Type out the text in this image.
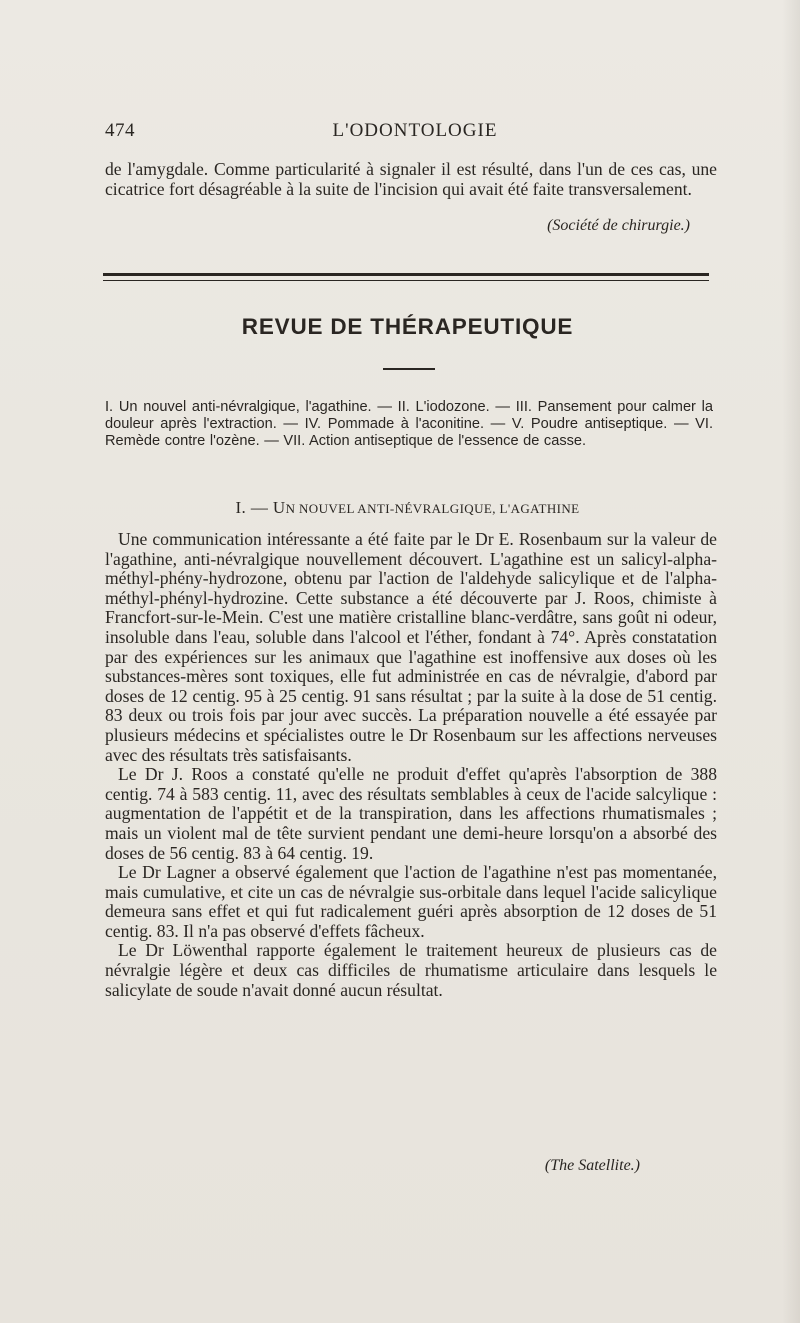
474	L'ODONTOLOGIE
de l'amygdale. Comme particularité à signaler il est résulté, dans l'un de ces cas, une cicatrice fort désagréable à la suite de l'incision qui avait été faite transversalement.
(Société de chirurgie.)
REVUE DE THÉRAPEUTIQUE
I. Un nouvel anti-névralgique, l'agathine. — II. L'iodozone. — III. Pansement pour calmer la douleur après l'extraction. — IV. Pommade à l'aconitine. — V. Poudre antiseptique. — VI. Remède contre l'ozène. — VII. Action antiseptique de l'essence de casse.
I. — UN NOUVEL ANTI-NÉVRALGIQUE, L'AGATHINE

Une communication intéressante a été faite par le Dr E. Rosenbaum sur la valeur de l'agathine, anti-névralgique nouvellement découvert. L'agathine est un salicyl-alpha-méthyl-phény-hydrozone, obtenu par l'action de l'aldehyde salicylique et de l'alpha-méthyl-phényl-hydrozine. Cette substance a été découverte par J. Roos, chimiste à Francfort-sur-le-Mein. C'est une matière cristalline blanc-verdâtre, sans goût ni odeur, insoluble dans l'eau, soluble dans l'alcool et l'éther, fondant à 74°. Après constatation par des expériences sur les animaux que l'agathine est inoffensive aux doses où les substances-mères sont toxiques, elle fut administrée en cas de névralgie, d'abord par doses de 12 centig. 95 à 25 centig. 91 sans résultat ; par la suite à la dose de 51 centig. 83 deux ou trois fois par jour avec succès. La préparation nouvelle a été essayée par plusieurs médecins et spécialistes outre le Dr Rosenbaum sur les affections nerveuses avec des résultats très satisfaisants.

Le Dr J. Roos a constaté qu'elle ne produit d'effet qu'après l'absorption de 388 centig. 74 à 583 centig. 11, avec des résultats semblables à ceux de l'acide salcylique : augmentation de l'appétit et de la transpiration, dans les affections rhumatismales ; mais un violent mal de tête survient pendant une demi-heure lorsqu'on a absorbé des doses de 56 centig. 83 à 64 centig. 19.

Le Dr Lagner a observé également que l'action de l'agathine n'est pas momentanée, mais cumulative, et cite un cas de névralgie sus-orbitale dans lequel l'acide salicylique demeura sans effet et qui fut radicalement guéri après absorption de 12 doses de 51 centig. 83. Il n'a pas observé d'effets fâcheux.

Le Dr Löwenthal rapporte également le traitement heureux de plusieurs cas de névralgie légère et deux cas difficiles de rhumatisme articulaire dans lesquels le salicylate de soude n'avait donné aucun résultat.

(The Satellite.)
